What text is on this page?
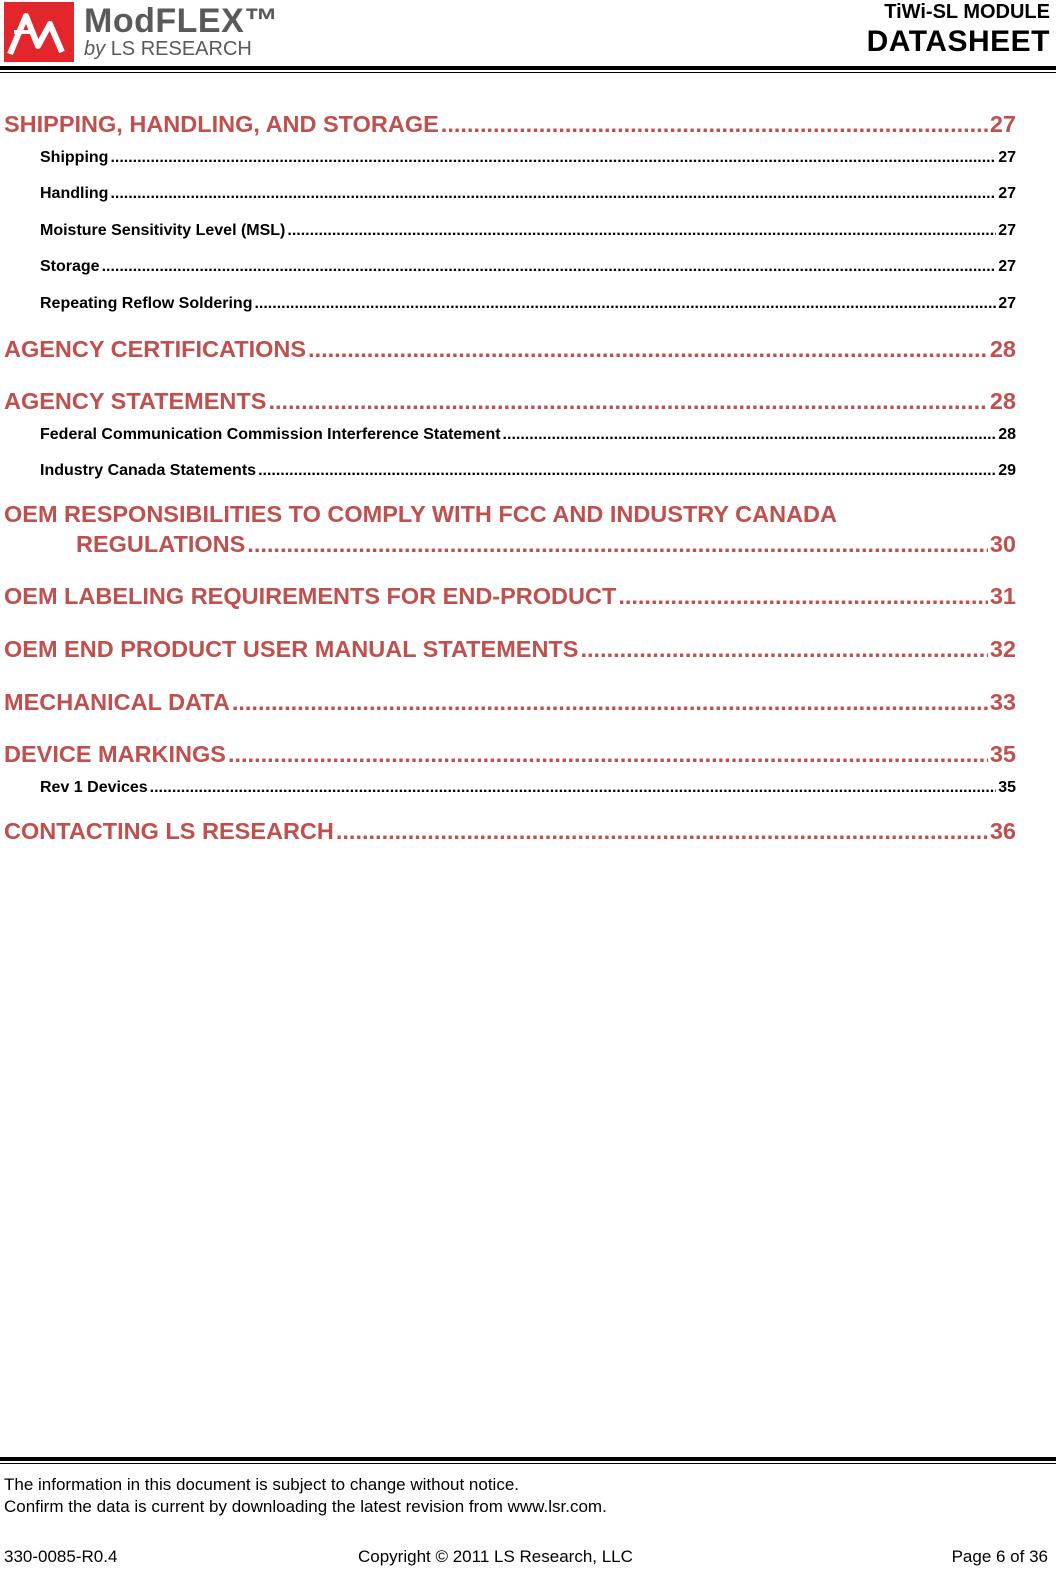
ModFLEX™
by LS RESEARCH
TiWi-SL MODULE
DATASHEET
SHIPPING, HANDLING, AND STORAGE .....	27
Shipping .....	27
Handling .....	27
Moisture Sensitivity Level (MSL) .....	27
Storage .....	27
Repeating Reflow Soldering .....	27
AGENCY CERTIFICATIONS .....	28
AGENCY STATEMENTS .....	28
Federal Communication Commission Interference Statement .....	28
Industry Canada Statements .....	29
OEM RESPONSIBILITIES TO COMPLY WITH FCC AND INDUSTRY CANADA
REGULATIONS .....	30
OEM LABELING REQUIREMENTS FOR END-PRODUCT .....	31
OEM END PRODUCT USER MANUAL STATEMENTS .....	32
MECHANICAL DATA .....	33
DEVICE MARKINGS .....	35
Rev 1 Devices .....	35
CONTACTING LS RESEARCH .....	36
The information in this document is subject to change without notice.
Confirm the data is current by downloading the latest revision from www.lsr.com.
330-0085-R0.4	Copyright © 2011 LS Research, LLC	Page 6 of 36
